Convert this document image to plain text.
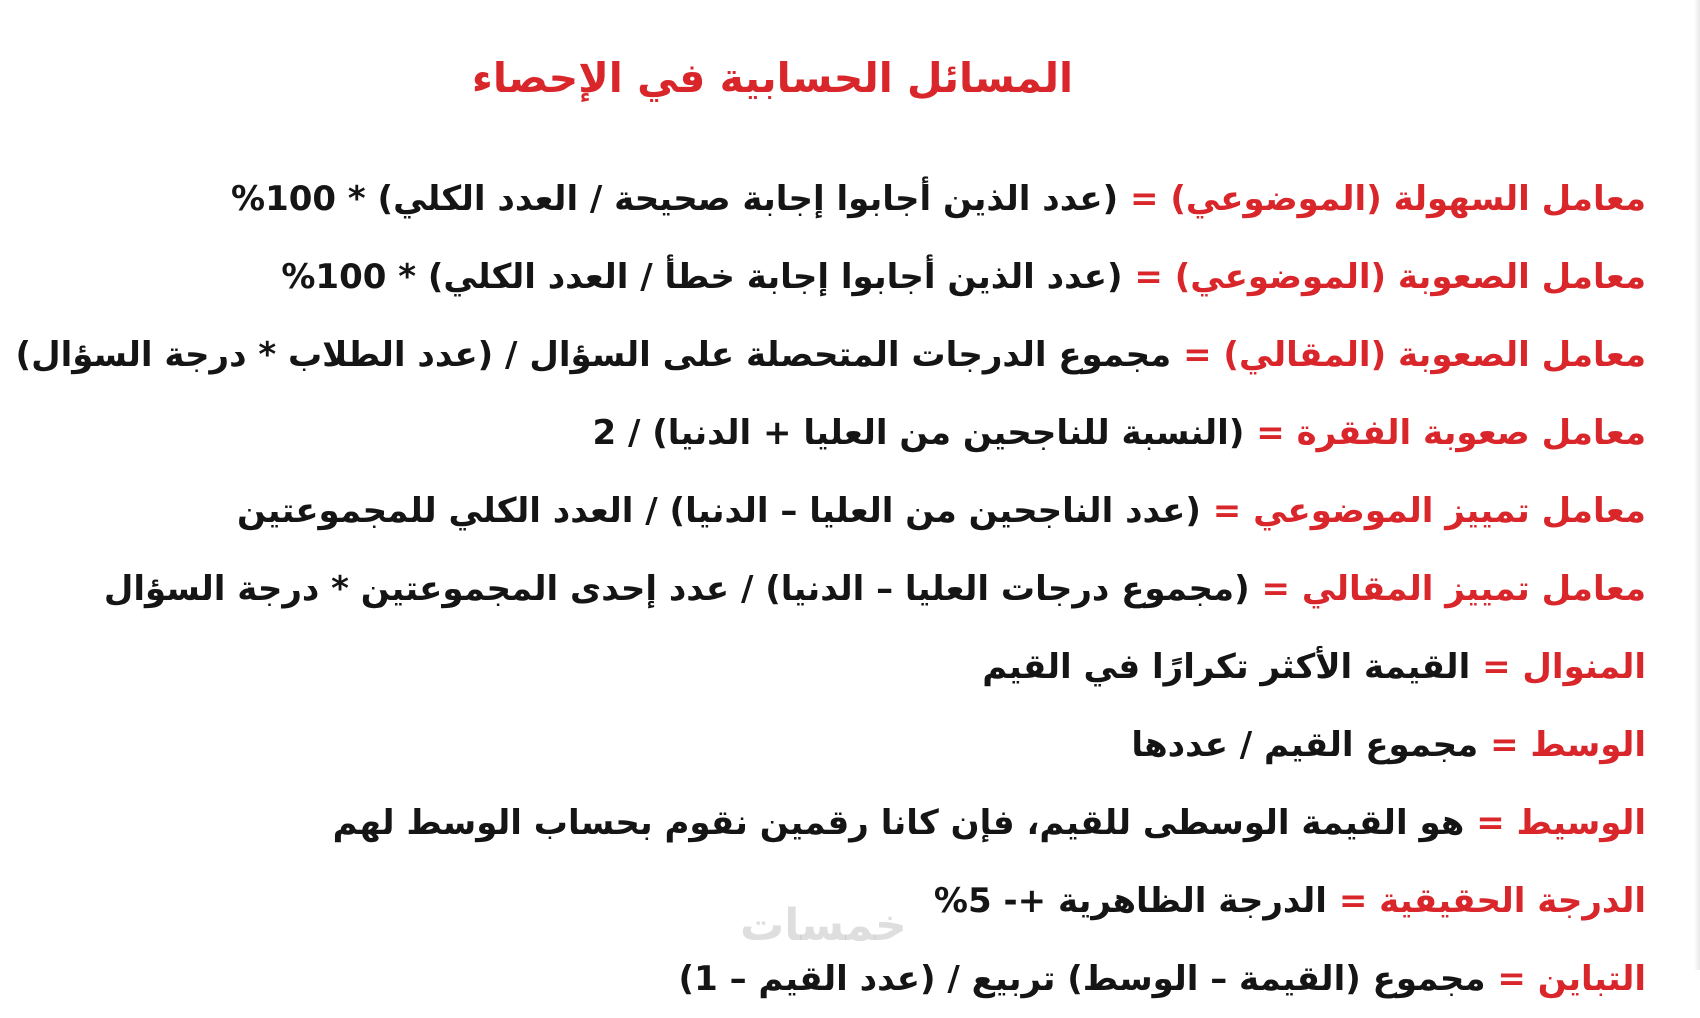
المسائل الحسابية في الإحصاء
معامل السهولة (الموضوعي) = (عدد الذين أجابوا إجابة صحيحة / العدد الكلي) * 100%
معامل الصعوبة (الموضوعي) = (عدد الذين أجابوا إجابة خطأ / العدد الكلي) * 100%
معامل الصعوبة (المقالي) = مجموع الدرجات المتحصلة على السؤال / (عدد الطلاب * درجة السؤال)
معامل صعوبة الفقرة = (النسبة للناجحين من العليا + الدنيا) / 2
معامل تمييز الموضوعي = (عدد الناجحين من العليا – الدنيا) / العدد الكلي للمجموعتين
معامل تمييز المقالي = (مجموع درجات العليا – الدنيا) / عدد إحدى المجموعتين * درجة السؤال
المنوال = القيمة الأكثر تكرارًا في القيم
الوسط = مجموع القيم / عددها
الوسيط = هو القيمة الوسطى للقيم، فإن كانا رقمين نقوم بحساب الوسط لهم
الدرجة الحقيقية = الدرجة الظاهرية +- 5%
التباين = مجموع (القيمة – الوسط) تربيع / (عدد القيم – 1)
خمسات
